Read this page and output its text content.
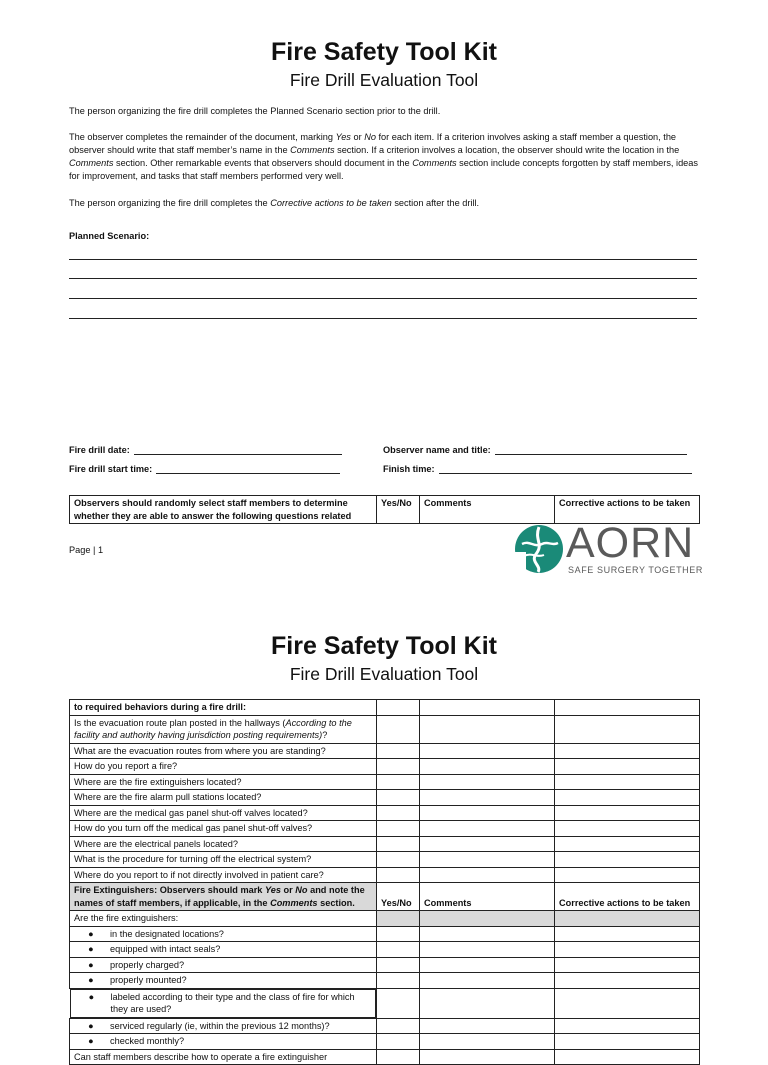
Fire Safety Tool Kit
Fire Drill Evaluation Tool

The person organizing the fire drill completes the Planned Scenario section prior to the drill.

The observer completes the remainder of the document, marking Yes or No for each item. If a criterion involves asking a staff member a question, the observer should write that staff member’s name in the Comments section. If a criterion involves a location, the observer should write the location in the Comments section. Other remarkable events that observers should document in the Comments section include concepts forgotten by staff members, ideas for improvement, and tasks that staff members performed very well.

The person organizing the fire drill completes the Corrective actions to be taken section after the drill.

Planned Scenario:
Fire drill date:	Observer name and title:
Fire drill start time:	Finish time:
Observers should randomly select staff members to determine whether they are able to answer the following questions related	Yes/No	Comments	Corrective actions to be taken
Page | 1	AORN
SAFE SURGERY TOGETHER
Fire Safety Tool Kit
Fire Drill Evaluation Tool
to required behaviors during a fire drill:			
Is the evacuation route plan posted in the hallways (According to the facility and authority having jurisdiction posting requirements)?			
What are the evacuation routes from where you are standing?			
How do you report a fire?			
Where are the fire extinguishers located?			
Where are the fire alarm pull stations located?			
Where are the medical gas panel shut-off valves located?			
How do you turn off the medical gas panel shut-off valves?			
Where are the electrical panels located?			
What is the procedure for turning off the electrical system?			
Where do you report to if not directly involved in patient care?			
Fire Extinguishers: Observers should mark Yes or No and note the names of staff members, if applicable, in the Comments section.	Yes/No	Comments	Corrective actions to be taken
Are the fire extinguishers:			
● in the designated locations?			
● equipped with intact seals?			
● properly charged?			
● properly mounted?			

●	labeled according to their type and the class of fire for which they are used?

● serviced regularly (ie, within the previous 12 months)?			
● checked monthly?			
Can staff members describe how to operate a fire extinguisher			
